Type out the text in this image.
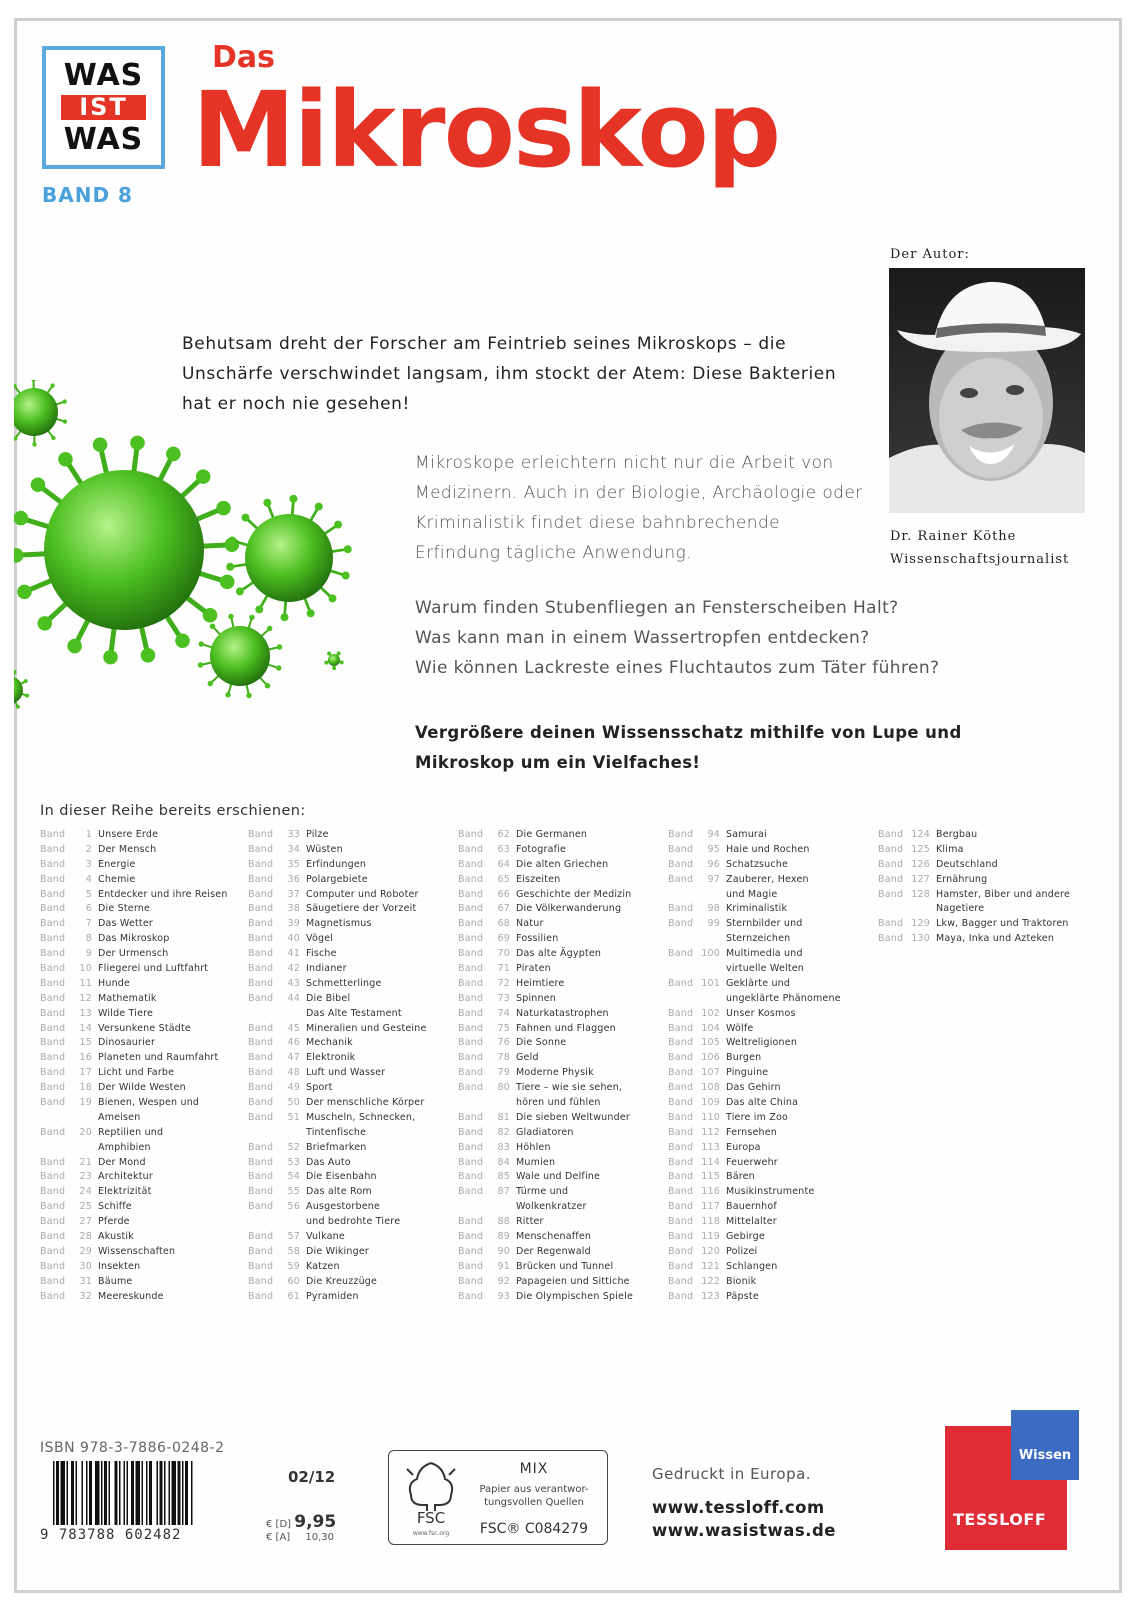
WAS
IST
WAS
BAND 8
Das
Mikroskop
Der Autor:
Dr. Rainer Köthe
Wissenschaftsjournalist

Behutsam dreht der Forscher am Feintrieb seines Mikroskops – die Unschärfe verschwindet langsam, ihm stockt der Atem: Diese Bakterien hat er noch nie gesehen!

Mikroskope erleichtern nicht nur die Arbeit von Medizinern. Auch in der Biologie, Archäologie oder Kriminalistik findet diese bahnbrechende Erfindung tägliche Anwendung.

Warum finden Stubenfliegen an Fensterscheiben Halt?

Was kann man in einem Wassertropfen entdecken?

Wie können Lackreste eines Fluchtautos zum Täter führen?

Vergrößere deinen Wissensschatz mithilfe von Lupe und Mikroskop um ein Vielfaches!

In dieser Reihe bereits erschienen:
Band	1 Unsere Erde
Band	2 Der Mensch
Band	3 Energie
Band	4 Chemie
Band	5 Entdecker und ihre Reisen
Band	6 Die Sterne
Band	7 Das Wetter
Band	8 Das Mikroskop
Band	9 Der Urmensch
Band	10 Fliegerei und Luftfahrt
Band	11 Hunde
Band	12 Mathematik
Band	13 Wilde Tiere
Band	14 Versunkene Städte
Band	15 Dinosaurier
Band	16 Planeten und Raumfahrt
Band	17 Licht und Farbe
Band	18 Der Wilde Westen
Band	19 Bienen, Wespen und
Ameisen
Band	20 Reptilien und
Amphibien
Band	21 Der Mond
Band	23 Architektur
Band	24 Elektrizität
Band	25 Schiffe
Band	27 Pferde
Band	28 Akustik
Band	29 Wissenschaften
Band	30 Insekten
Band	31 Bäume
Band	32 Meereskunde
Band	33 Pilze
Band	34 Wüsten
Band	35 Erfindungen
Band	36 Polargebiete
Band	37 Computer und Roboter
Band	38 Säugetiere der Vorzeit
Band	39 Magnetismus
Band	40 Vögel
Band	41 Fische
Band	42 Indianer
Band	43 Schmetterlinge
Band	44 Die Bibel
Das Alte Testament
Band	45 Mineralien und Gesteine
Band	46 Mechanik
Band	47 Elektronik
Band	48 Luft und Wasser
Band	49 Sport
Band	50 Der menschliche Körper
Band	51 Muscheln, Schnecken,
Tintenfische
Band	52 Briefmarken
Band	53 Das Auto
Band	54 Die Eisenbahn
Band	55 Das alte Rom
Band	56 Ausgestorbene
und bedrohte Tiere
Band	57 Vulkane
Band	58 Die Wikinger
Band	59 Katzen
Band	60 Die Kreuzzüge
Band	61 Pyramiden
Band	62 Die Germanen
Band	63 Fotografie
Band	64 Die alten Griechen
Band	65 Eiszeiten
Band	66 Geschichte der Medizin
Band	67 Die Völkerwanderung
Band	68 Natur
Band	69 Fossilien
Band	70 Das alte Ägypten
Band	71 Piraten
Band	72 Heimtiere
Band	73 Spinnen
Band	74 Naturkatastrophen
Band	75 Fahnen und Flaggen
Band	76 Die Sonne
Band	78 Geld
Band	79 Moderne Physik
Band	80 Tiere – wie sie sehen,
hören und fühlen
Band	81 Die sieben Weltwunder
Band	82 Gladiatoren
Band	83 Höhlen
Band	84 Mumien
Band	85 Wale und Delfine
Band	87 Türme und
Wolkenkratzer
Band	88 Ritter
Band	89 Menschenaffen
Band	90 Der Regenwald
Band	91 Brücken und Tunnel
Band	92 Papageien und Sittiche
Band	93 Die Olympischen Spiele
Band	94 Samurai
Band	95 Haie und Rochen
Band	96 Schatzsuche
Band	97 Zauberer, Hexen
und Magie
Band	98 Kriminalistik
Band	99 Sternbilder und
Sternzeichen
Band 100 Multimedia und
virtuelle Welten
Band 101 Geklärte und
ungeklärte Phänomene
Band 102 Unser Kosmos
Band 104 Wölfe
Band 105 Weltreligionen
Band 106 Burgen
Band 107 Pinguine
Band 108 Das Gehirn
Band 109 Das alte China
Band 110 Tiere im Zoo
Band 112 Fernsehen
Band 113 Europa
Band 114 Feuerwehr
Band 115 Bären
Band 116 Musikinstrumente
Band 117 Bauernhof
Band 118 Mittelalter
Band 119 Gebirge
Band 120 Polizei
Band 121 Schlangen
Band 122 Bionik
Band 123 Päpste
Band 124 Bergbau
Band 125 Klima
Band 126 Deutschland
Band 127 Ernährung
Band 128 Hamster, Biber und andere
Nagetiere
Band 129 Lkw, Bagger und Traktoren
Band 130 Maya, Inka und Azteken
ISBN 978-3-7886-0248-2
9 783788 602482
02/12
€ [D] 9,95
€ [A] 10,30
FSC
www.fsc.org
MIX
Papier aus verantwor-tungsvollen Quellen
FSC® C084279
Gedruckt in Europa.
www.tessloff.com
www.wasistwas.de
Wissen
TESSLOFF
